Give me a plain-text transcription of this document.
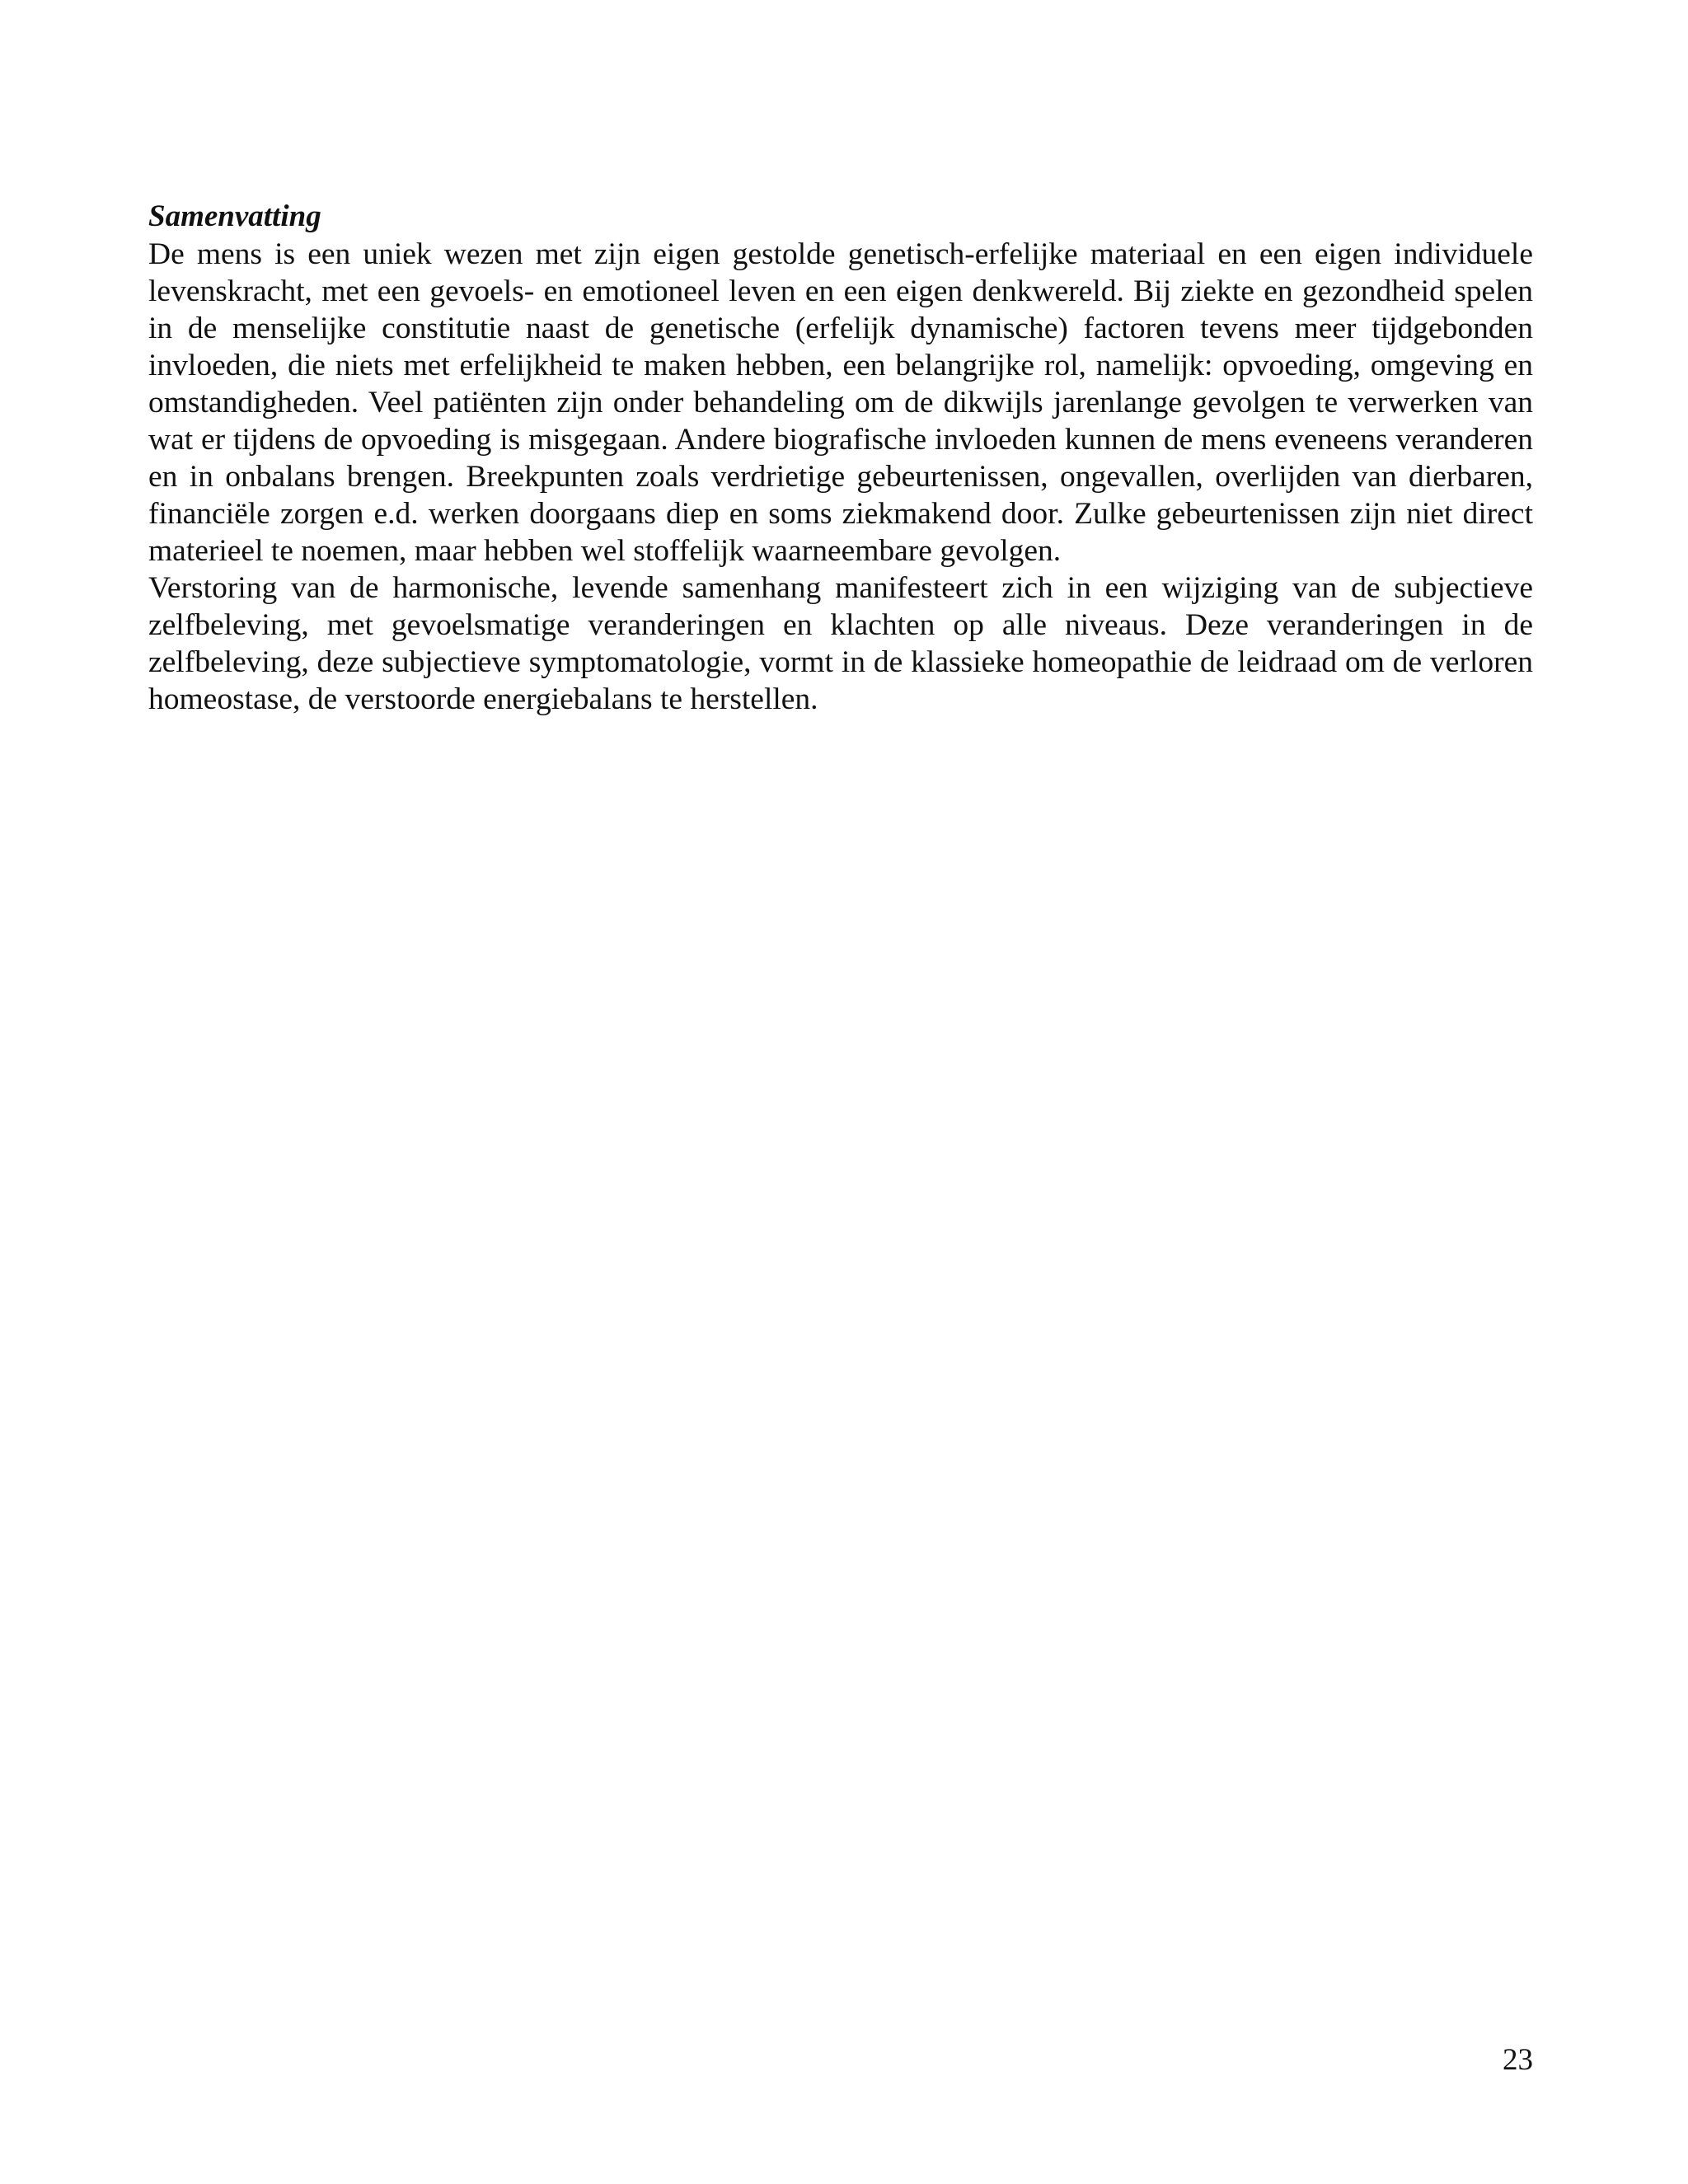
Samenvatting

De mens is een uniek wezen met zijn eigen gestolde genetisch-erfelijke materiaal en een eigen individuele levenskracht, met een gevoels- en emotioneel leven en een eigen denkwereld. Bij ziekte en gezondheid spelen in de menselijke constitutie naast de genetische (erfelijk dynamische) factoren tevens meer tijdgebonden invloeden, die niets met erfelijkheid te maken hebben, een belangrijke rol, namelijk: opvoeding, omgeving en omstandigheden. Veel patiënten zijn onder behandeling om de dikwijls jarenlange gevolgen te verwerken van wat er tijdens de opvoeding is misgegaan. Andere biografische invloeden kunnen de mens eveneens veranderen en in onbalans brengen. Breekpunten zoals verdrietige gebeurtenissen, ongevallen, overlijden van dierbaren, financiële zorgen e.d. werken doorgaans diep en soms ziekmakend door. Zulke gebeurtenissen zijn niet direct materieel te noemen, maar hebben wel stoffelijk waarneembare gevolgen.

Verstoring van de harmonische, levende samenhang manifesteert zich in een wijziging van de subjectieve zelfbeleving, met gevoelsmatige veranderingen en klachten op alle niveaus. Deze veranderingen in de zelfbeleving, deze subjectieve symptomatologie, vormt in de klassieke homeopathie de leidraad om de verloren homeostase, de verstoorde energiebalans te herstellen.

23
